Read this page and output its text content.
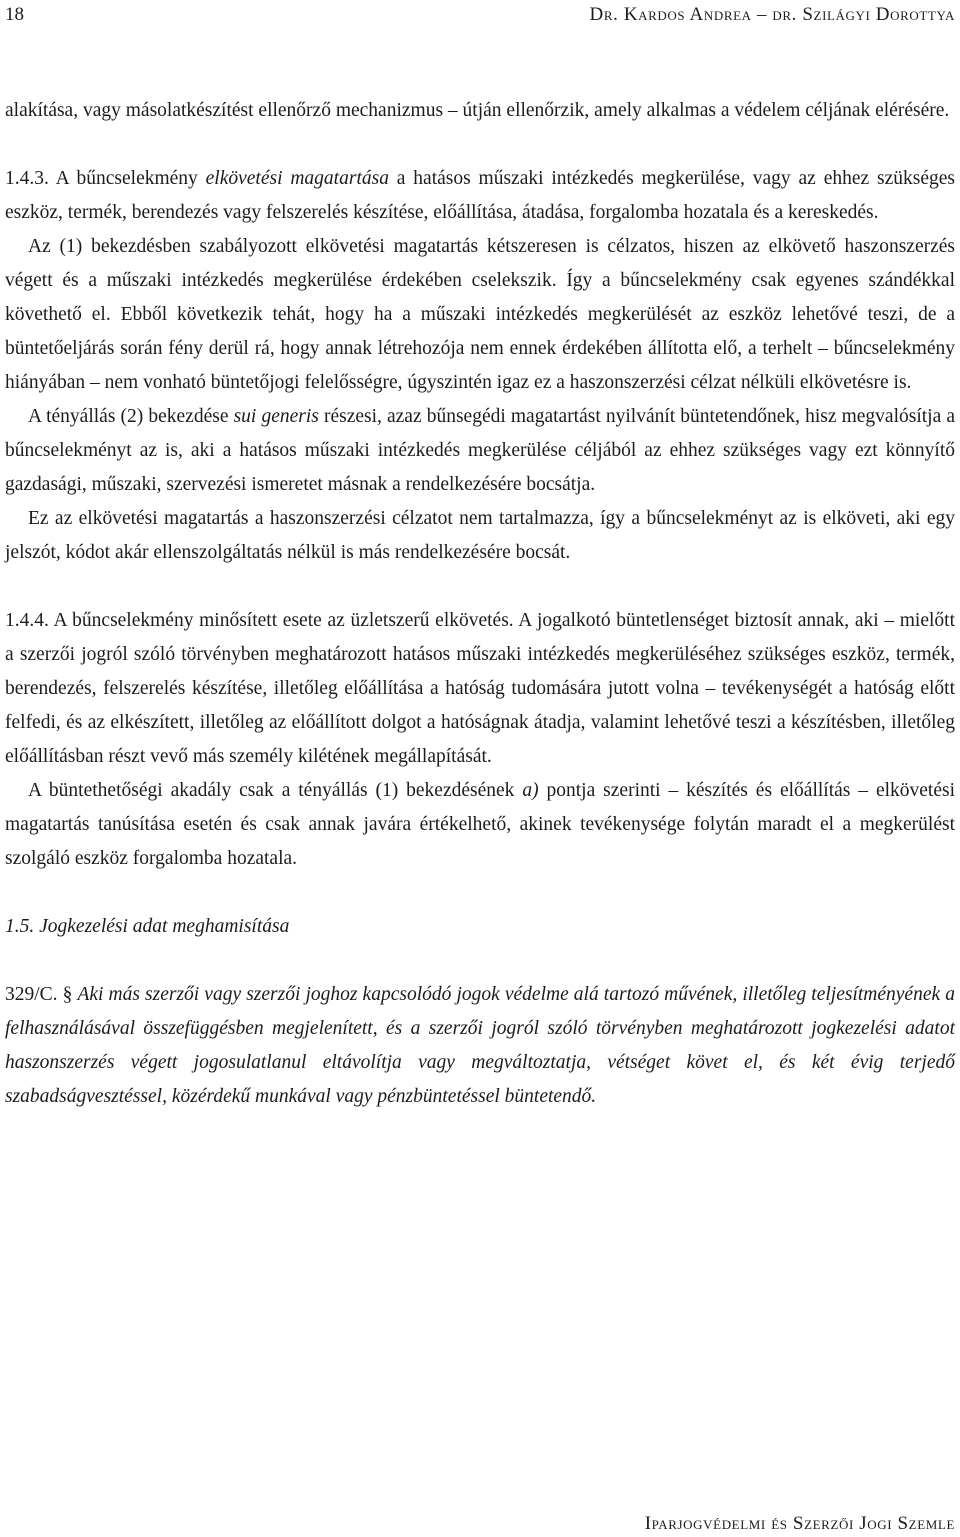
18	Dr. Kardos Andrea – dr. Szilágyi Dorottya

alakítása, vagy másolatkészítést ellenőrző mechanizmus – útján ellenőrzik, amely alkalmas a védelem céljának elérésére.

1.4.3. A bűncselekmény elkövetési magatartása a hatásos műszaki intézkedés megkerülése, vagy az ehhez szükséges eszköz, termék, berendezés vagy felszerelés készítése, előállítása, átadása, forgalomba hozatala és a kereskedés.

Az (1) bekezdésben szabályozott elkövetési magatartás kétszeresen is célzatos, hiszen az elkövető haszonszerzés végett és a műszaki intézkedés megkerülése érdekében cselekszik. Így a bűncselekmény csak egyenes szándékkal követhető el. Ebből következik tehát, hogy ha a műszaki intézkedés megkerülését az eszköz lehetővé teszi, de a büntetőeljárás során fény derül rá, hogy annak létrehozója nem ennek érdekében állította elő, a terhelt – bűncselekmény hiányában – nem vonható büntetőjogi felelősségre, úgyszintén igaz ez a haszonszerzési célzat nélküli elkövetésre is.

A tényállás (2) bekezdése sui generis részesi, azaz bűnsegédi magatartást nyilvánít büntetendőnek, hisz megvalósítja a bűncselekményt az is, aki a hatásos műszaki intézkedés megkerülése céljából az ehhez szükséges vagy ezt könnyítő gazdasági, műszaki, szervezési ismeretet másnak a rendelkezésére bocsátja.

Ez az elkövetési magatartás a haszonszerzési célzatot nem tartalmazza, így a bűncselekményt az is elköveti, aki egy jelszót, kódot akár ellenszolgáltatás nélkül is más rendelkezésére bocsát.

1.4.4. A bűncselekmény minősített esete az üzletszerű elkövetés. A jogalkotó büntetlenséget biztosít annak, aki – mielőtt a szerzői jogról szóló törvényben meghatározott hatásos műszaki intézkedés megkerüléséhez szükséges eszköz, termék, berendezés, felszerelés készítése, illetőleg előállítása a hatóság tudomására jutott volna – tevékenységét a hatóság előtt felfedi, és az elkészített, illetőleg az előállított dolgot a hatóságnak átadja, valamint lehetővé teszi a készítésben, illetőleg előállításban részt vevő más személy kilétének megállapítását.

A büntethetőségi akadály csak a tényállás (1) bekezdésének a) pontja szerinti – készítés és előállítás – elkövetési magatartás tanúsítása esetén és csak annak javára értékelhető, akinek tevékenysége folytán maradt el a megkerülést szolgáló eszköz forgalomba hozatala.

1.5. Jogkezelési adat meghamisítása

329/C. § Aki más szerzői vagy szerzői joghoz kapcsolódó jogok védelme alá tartozó művének, illetőleg teljesítményének a felhasználásával összefüggésben megjelenített, és a szerzői jogról szóló törvényben meghatározott jogkezelési adatot haszonszerzés végett jogosulatlanul eltávolítja vagy megváltoztatja, vétséget követ el, és két évig terjedő szabadságvesztéssel, közérdekű munkával vagy pénzbüntetéssel büntetendő.

Iparjogvédelmi és Szerzői Jogi Szemle
